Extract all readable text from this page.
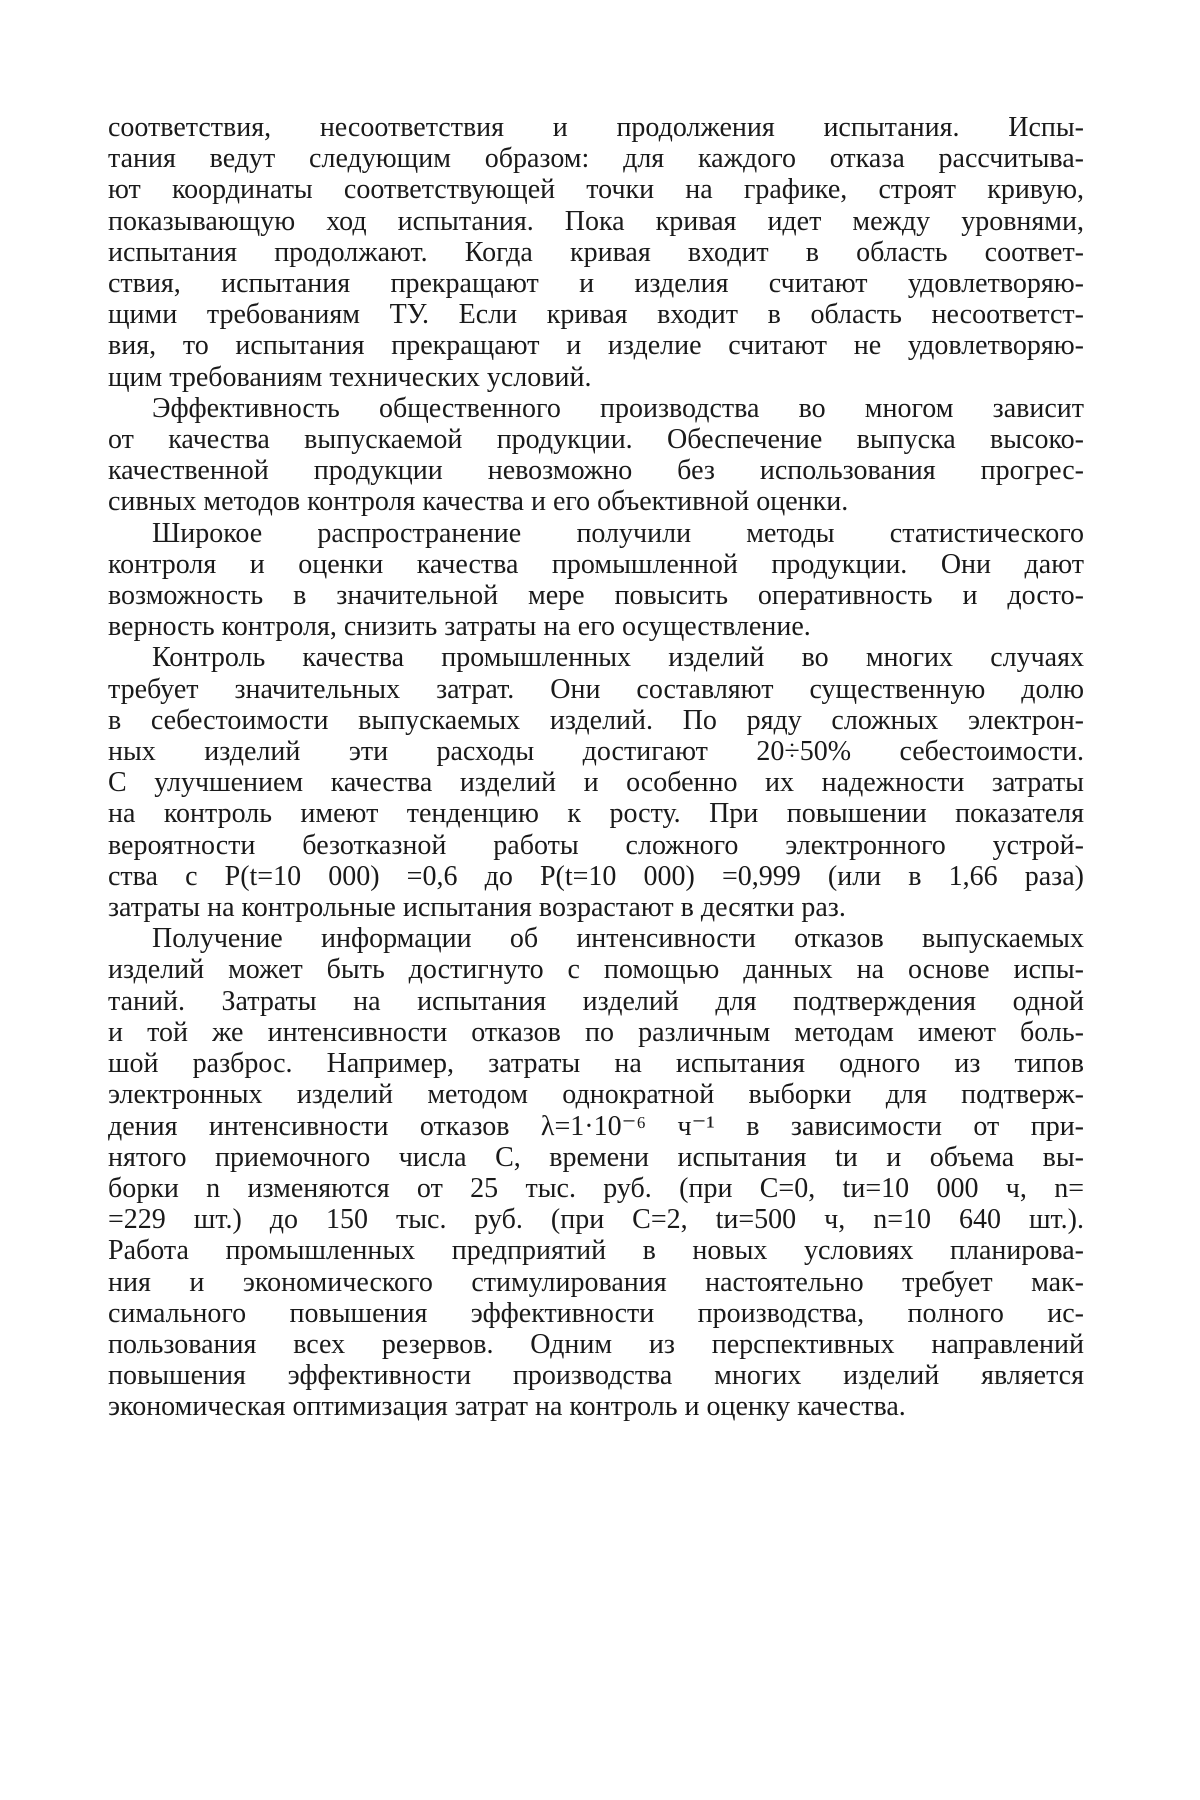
соответствия, несоответствия и продолжения испытания. Испы-
тания ведут следующим образом: для каждого отказа рассчитыва-
ют координаты соответствующей точки на графике, строят кривую,
показывающую ход испытания. Пока кривая идет между уровнями,
испытания продолжают. Когда кривая входит в область соответ-
ствия, испытания прекращают и изделия считают удовлетворяю-
щими требованиям ТУ. Если кривая входит в область несоответст-
вия, то испытания прекращают и изделие считают не удовлетворяю-
щим требованиям технических условий.

Эффективность общественного производства во многом зависит
от качества выпускаемой продукции. Обеспечение выпуска высоко-
качественной продукции невозможно без использования прогрес-
сивных методов контроля качества и его объективной оценки.

Широкое распространение получили методы статистического
контроля и оценки качества промышленной продукции. Они дают
возможность в значительной мере повысить оперативность и досто-
верность контроля, снизить затраты на его осуществление.

Контроль качества промышленных изделий во многих случаях
требует значительных затрат. Они составляют существенную долю
в себестоимости выпускаемых изделий. По ряду сложных электрон-
ных изделий эти расходы достигают 20÷50% себестоимости.
С улучшением качества изделий и особенно их надежности затраты
на контроль имеют тенденцию к росту. При повышении показателя
вероятности безотказной работы сложного электронного устрой-
ства с P(t=10 000) =0,6 до P(t=10 000) =0,999 (или в 1,66 раза)
затраты на контрольные испытания возрастают в десятки раз.

Получение информации об интенсивности отказов выпускаемых
изделий может быть достигнуто с помощью данных на основе испы-
таний. Затраты на испытания изделий для подтверждения одной
и той же интенсивности отказов по различным методам имеют боль-
шой разброс. Например, затраты на испытания одного из типов
электронных изделий методом однократной выборки для подтверж-
дения интенсивности отказов λ=1·10⁻⁶ ч⁻¹ в зависимости от при-
нятого приемочного числа C, времени испытания tи и объема вы-
борки n изменяются от 25 тыс. руб. (при C=0, tи=10 000 ч, n=
=229 шт.) до 150 тыс. руб. (при C=2, tи=500 ч, n=10 640 шт.).
Работа промышленных предприятий в новых условиях планирова-
ния и экономического стимулирования настоятельно требует мак-
симального повышения эффективности производства, полного ис-
пользования всех резервов. Одним из перспективных направлений
повышения эффективности производства многих изделий является
экономическая оптимизация затрат на контроль и оценку качества.
